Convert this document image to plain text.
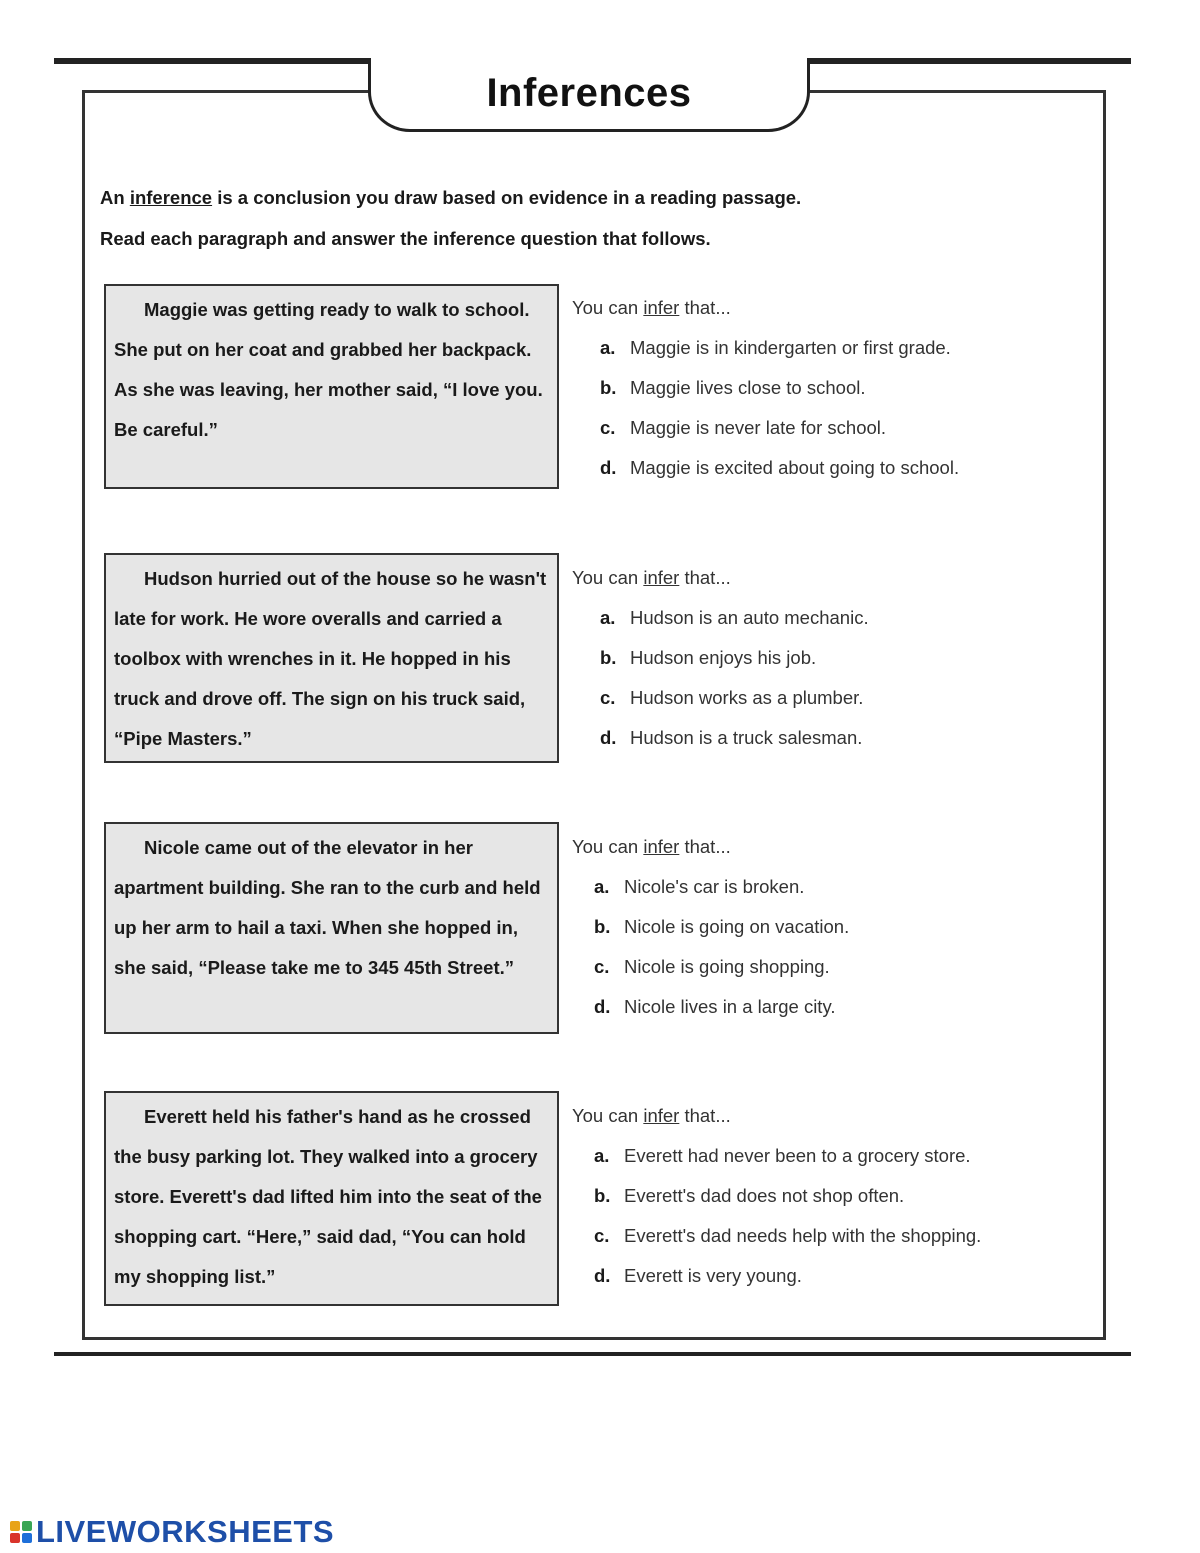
Inferences
An inference is a conclusion you draw based on evidence in a reading passage.
Read each paragraph and answer the inference question that follows.

Maggie was getting ready to walk to school. She put on her coat and grabbed her backpack. As she was leaving, her mother said, “I love you. Be careful.”

You can infer that...
a. Maggie is in kindergarten or first grade.
b. Maggie lives close to school.
c. Maggie is never late for school.
d. Maggie is excited about going to school.

Hudson hurried out of the house so he wasn't late for work. He wore overalls and carried a toolbox with wrenches in it. He hopped in his truck and drove off. The sign on his truck said, “Pipe Masters.”

You can infer that...
a. Hudson is an auto mechanic.
b. Hudson enjoys his job.
c. Hudson works as a plumber.
d. Hudson is a truck salesman.

Nicole came out of the elevator in her apartment building. She ran to the curb and held up her arm to hail a taxi. When she hopped in, she said, “Please take me to 345 45th Street.”

You can infer that...
a. Nicole's car is broken.
b. Nicole is going on vacation.
c. Nicole is going shopping.
d. Nicole lives in a large city.

Everett held his father's hand as he crossed the busy parking lot. They walked into a grocery store. Everett's dad lifted him into the seat of the shopping cart. “Here,” said dad, “You can hold my shopping list.”

You can infer that...
a. Everett had never been to a grocery store.
b. Everett's dad does not shop often.
c. Everett's dad needs help with the shopping.
d. Everett is very young.
LIVEWORKSHEETS
